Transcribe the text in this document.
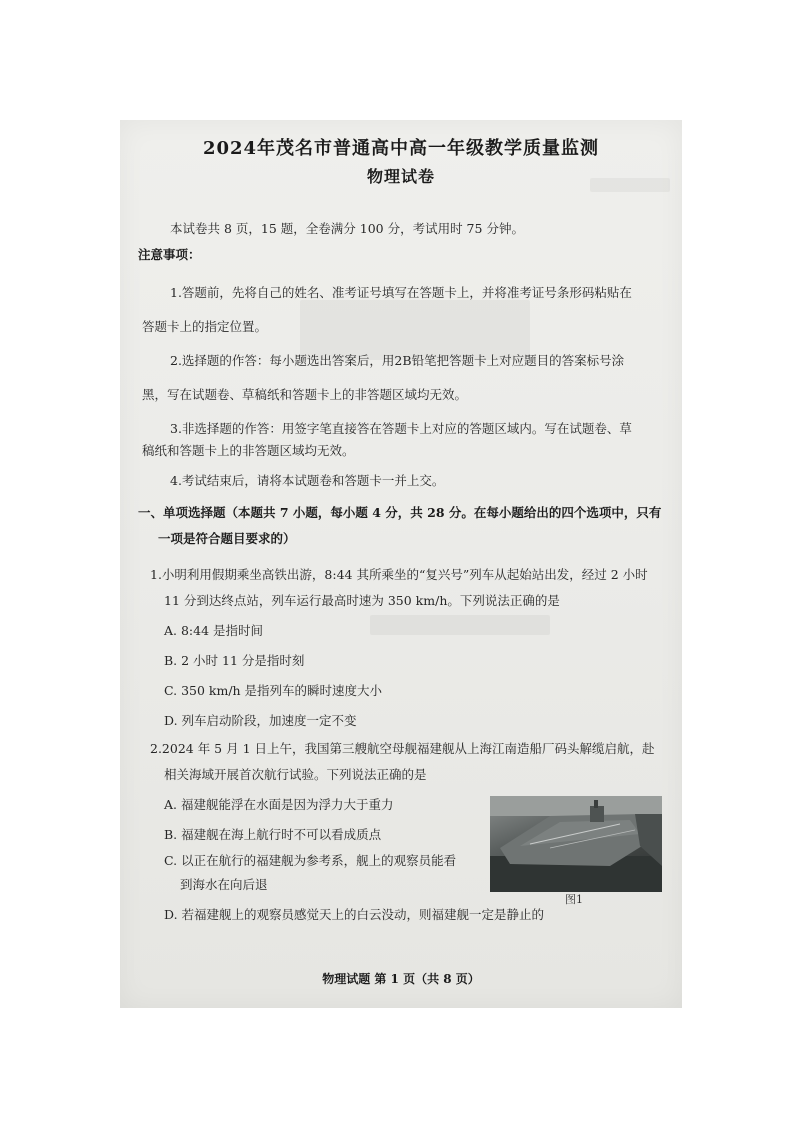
2024年茂名市普通高中高一年级教学质量监测
物理试卷
本试卷共 8 页，15 题，全卷满分 100 分，考试用时 75 分钟。
注意事项：
1.答题前，先将自己的姓名、准考证号填写在答题卡上，并将准考证号条形码粘贴在
答题卡上的指定位置。
2.选择题的作答：每小题选出答案后，用2B铅笔把答题卡上对应题目的答案标号涂
黑，写在试题卷、草稿纸和答题卡上的非答题区域均无效。
3.非选择题的作答：用签字笔直接答在答题卡上对应的答题区域内。写在试题卷、草
稿纸和答题卡上的非答题区域均无效。
4.考试结束后，请将本试题卷和答题卡一并上交。
一、单项选择题（本题共 7 小题，每小题 4 分，共 28 分。在每小题给出的四个选项中，只有
一项是符合题目要求的）
1.小明利用假期乘坐高铁出游，8:44 其所乘坐的“复兴号”列车从起始站出发，经过 2 小时
11 分到达终点站，列车运行最高时速为 350 km/h。下列说法正确的是
A. 8:44 是指时间
B. 2 小时 11 分是指时刻
C. 350 km/h 是指列车的瞬时速度大小
D. 列车启动阶段，加速度一定不变
2.2024 年 5 月 1 日上午，我国第三艘航空母舰福建舰从上海江南造船厂码头解缆启航，赴
相关海域开展首次航行试验。下列说法正确的是
A. 福建舰能浮在水面是因为浮力大于重力
B. 福建舰在海上航行时不可以看成质点
C. 以正在航行的福建舰为参考系，舰上的观察员能看
到海水在向后退
D. 若福建舰上的观察员感觉天上的白云没动，则福建舰一定是静止的
图1
物理试题 第 1 页（共 8 页）
